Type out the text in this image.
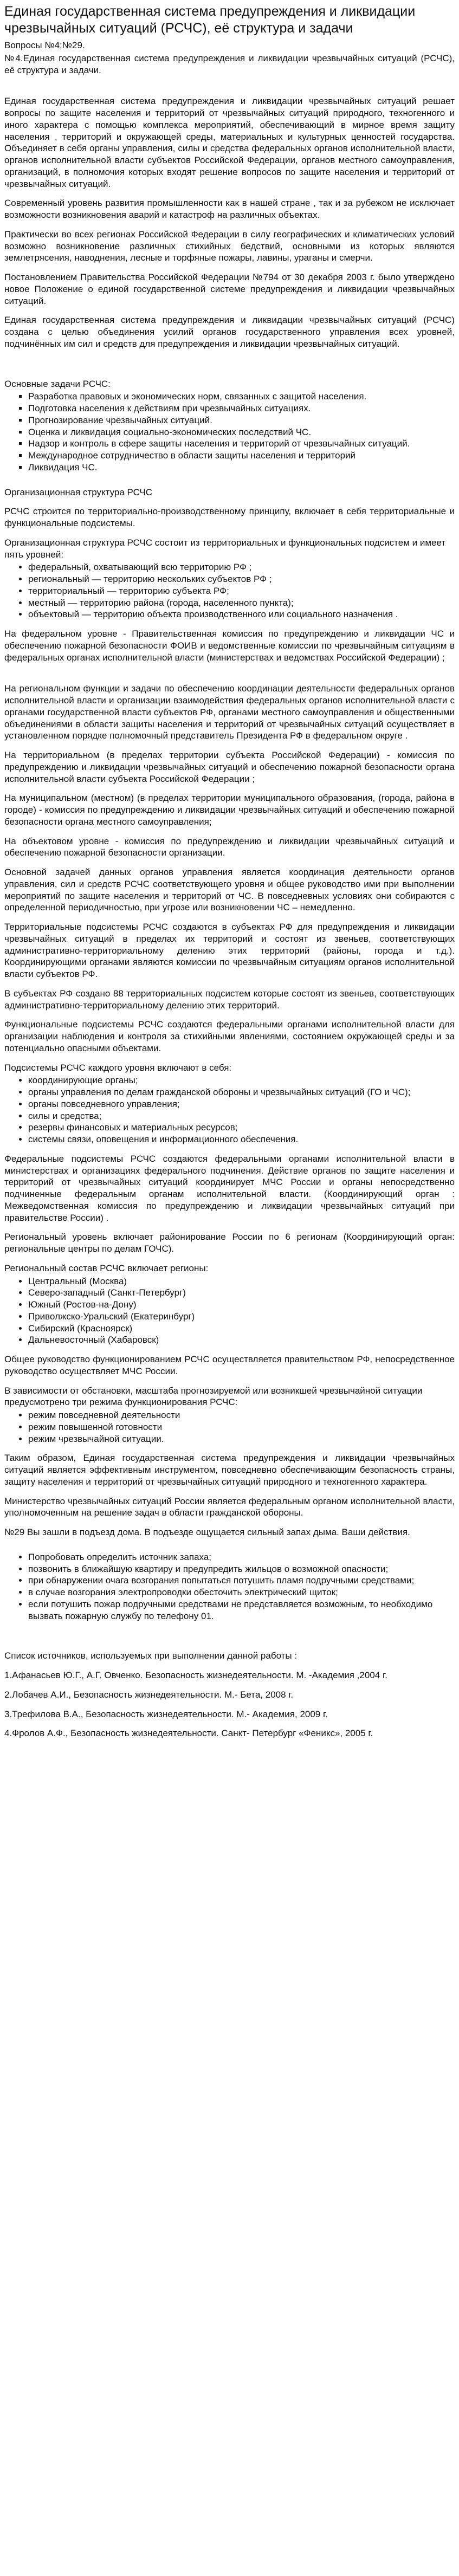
Единая государственная система предупреждения и ликвидации чрезвычайных ситуаций (РСЧС), её структура и задачи

Вопросы №4;№29.

№4.Единая государственная система предупреждения и ликвидации чрезвычайных ситуаций (РСЧС), её структура и задачи.

Единая государственная система предупреждения и ликвидации чрезвычайных ситуаций решает вопросы по защите населения и территорий от чрезвычайных ситуаций природного, техногенного и иного характера с помощью комплекса мероприятий, обеспечивающий в мирное время защиту населения , территорий и окружающей среды, материальных и культурных ценностей государства. Объединяет в себя органы управления, силы и средства федеральных органов исполнительной власти, органов исполнительной власти субъектов Российской Федерации, органов местного самоуправления, организаций, в полномочия которых входят решение вопросов по защите населения и территорий от чрезвычайных ситуаций.

Современный уровень развития промышленности как в нашей стране , так и за рубежом не исключает возможности возникновения аварий и катастроф на различных объектах.

Практически во всех регионах Российской Федерации в силу географических и климатических условий возможно возникновение различных стихийных бедствий, основными из которых являются землетрясения, наводнения, лесные и торфяные пожары, лавины, ураганы и смерчи.

Постановлением Правительства Российской Федерации №794 от 30 декабря 2003 г. было утверждено новое Положение о единой государственной системе предупреждения и ликвидации чрезвычайных ситуаций.

Единая государственная система предупреждения и ликвидации чрезвычайных ситуаций (РСЧС) создана с целью объединения усилий органов государственного управления всех уровней, подчинённых им сил и средств для предупреждения и ликвидации чрезвычайных ситуаций.

Основные задачи РСЧС:

▪ Разработка правовых и экономических норм, связанных с защитой населения.
▪ Подготовка населения к действиям при чрезвычайных ситуациях.
▪ Прогнозирование чрезвычайных ситуаций.
▪ Оценка и ликвидация социально-экономических последствий ЧС.
▪ Надзор и контроль в сфере защиты населения и территорий от чрезвычайных ситуаций.
▪ Международное сотрудничество в области защиты населения и территорий
▪ Ликвидация ЧС.

Организационная структура РСЧС

РСЧС строится по территориально-производственному принципу, включает в себя территориальные и функциональные подсистемы.

Организационная структура РСЧС состоит из территориальных и функциональных подсистем и имеет пять уровней:

• федеральный, охватывающий всю территорию РФ ;
• региональный — территорию нескольких субъектов РФ ;
• территориальный — территорию субъекта РФ;
• местный — территорию района (города, населенного пункта);
• объектовый — территорию объекта производственного или социального назначения .

На федеральном уровне - Правительственная комиссия по предупреждению и ликвидации ЧС и обеспечению пожарной безопасности ФОИВ и ведомственные комиссии по чрезвычайным ситуациям в федеральных органах исполнительной власти (министерствах и ведомствах Российской Федерации) ;

На региональном функции и задачи по обеспечению координации деятельности федеральных органов исполнительной власти и организации взаимодействия федеральных органов исполнительной власти с органами государственной власти субъектов РФ, органами местного самоуправления и общественными объединениями в области защиты населения и территорий от чрезвычайных ситуаций осуществляет в установленном порядке полномочный представитель Президента РФ в федеральном округе .

На территориальном (в пределах территории субъекта Российской Федерации) - комиссия по предупреждению и ликвидации чрезвычайных ситуаций и обеспечению пожарной безопасности органа исполнительной власти субъекта Российской Федерации ;

На муниципальном (местном) (в пределах территории муниципального образования, (города, района в городе) - комиссия по предупреждению и ликвидации чрезвычайных ситуаций и обеспечению пожарной безопасности органа местного самоуправления;

На объектовом уровне - комиссия по предупреждению и ликвидации чрезвычайных ситуаций и обеспечению пожарной безопасности организации.

Основной задачей данных органов управления является координация деятельности органов управления, сил и средств РСЧС соответствующего уровня и общее руководство ими при выполнении мероприятий по защите населения и территорий от ЧС. В повседневных условиях они собираются с определенной периодичностью, при угрозе или возникновении ЧС – немедленно.

Территориальные подсистемы РСЧС создаются в субъектах РФ для предупреждения и ликвидации чрезвычайных ситуаций в пределах их территорий и состоят из звеньев, соответствующих административно-территориальному делению этих территорий (районы, города и т.д.). Координирующими органами являются комиссии по чрезвычайным ситуациям органов исполнительной власти субъектов РФ.

В субъектах РФ создано 88 территориальных подсистем которые состоят из звеньев, соответствующих административно-территориальному делению этих территорий.

Функциональные подсистемы РСЧС создаются федеральными органами исполнительной власти для организации наблюдения и контроля за стихийными явлениями, состоянием окружающей среды и за потенциально опасными объектами.

Подсистемы РСЧС каждого уровня включают в себя:

• координирующие органы;
• органы управления по делам гражданской обороны и чрезвычайных ситуаций (ГО и ЧС);
• органы повседневного управления;
• силы и средства;
• резервы финансовых и материальных ресурсов;
• системы связи, оповещения и информационного обеспечения.

Федеральные подсистемы РСЧС создаются федеральными органами исполнительной власти в министерствах и организациях федерального подчинения. Действие органов по защите населения и территорий от чрезвычайных ситуаций координирует МЧС России и органы непосредственно подчиненные федеральным органам исполнительной власти. (Координирующий орган : Межведомственная комиссия по предупреждению и ликвидации чрезвычайных ситуаций при правительстве России) .

Региональный уровень включает районирование России по 6 регионам (Координирующий орган: региональные центры по делам ГОЧС).

Региональный состав РСЧС включает регионы:

• Центральный (Москва)
• Северо-западный (Санкт-Петербург)
• Южный (Ростов-на-Дону)
• Приволжско-Уральский (Екатеринбург)
• Сибирский (Красноярск)
• Дальневосточный (Хабаровск)

Общее руководство функционированием РСЧС осуществляется правительством РФ, непосредственное руководство осуществляет МЧС России.

В зависимости от обстановки, масштаба прогнозируемой или возникшей чрезвычайной ситуации предусмотрено три режима функционирования РСЧС:

• режим повседневной деятельности
• режим повышенной готовности
• режим чрезвычайной ситуации.

Таким образом, Единая государственная система предупреждения и ликвидации чрезвычайных ситуаций является эффективным инструментом, повседневно обеспечивающим безопасность страны, защиту населения и территорий от чрезвычайных ситуаций природного и техногенного характера.

Министерство чрезвычайных ситуаций России является федеральным органом исполнительной власти, уполномоченным на решение задач в области гражданской обороны.

№29 Вы зашли в подъезд дома. В подъезде ощущается сильный запах дыма. Ваши действия.

• Попробовать определить источник запаха;
• позвонить в ближайшую квартиру и предупредить жильцов о возможной опасности;
• при обнаружении очага возгорания попытаться потушить пламя подручными средствами;
• в случае возгорания электропроводки обесточить электрический щиток;
• если потушить пожар подручными средствами не представляется возможным, то необходимо вызвать пожарную службу по телефону 01.

Список источников, используемых при выполнении данной работы :

1.Афанасьев Ю.Г., А.Г. Овченко. Безопасность жизнедеятельности. М. -Академия ,2004 г.

2.Лобачев А.И., Безопасность жизнедеятельности. М.- Бета, 2008 г.

3.Трефилова В.А., Безопасность жизнедеятельности. М.- Академия, 2009 г.

4.Фролов А.Ф., Безопасность жизнедеятельности. Санкт- Петербург «Феникс», 2005 г.
